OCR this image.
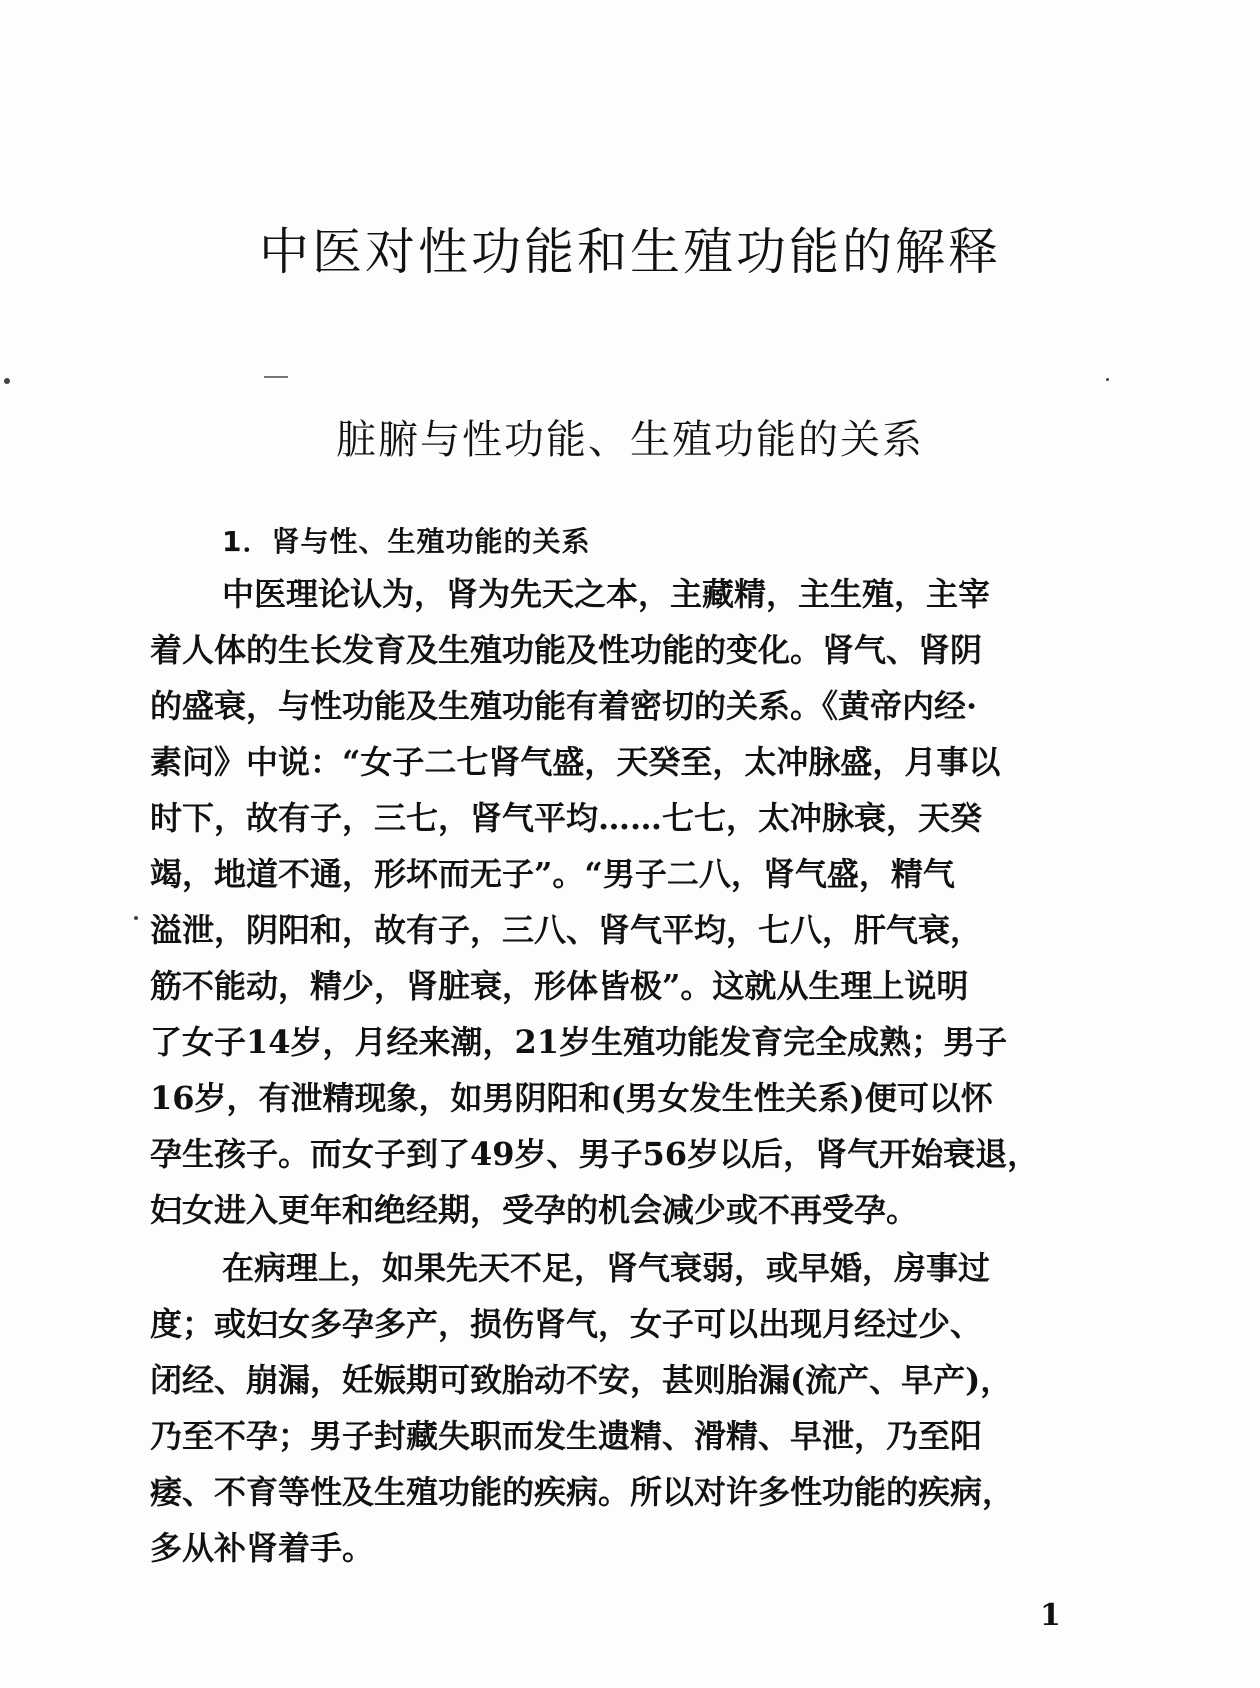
中医对性功能和生殖功能的解释
脏腑与性功能、生殖功能的关系
1．肾与性、生殖功能的关系
中医理论认为，肾为先天之本，主藏精，主生殖，主宰
着人体的生长发育及生殖功能及性功能的变化。肾气、肾阴
的盛衰，与性功能及生殖功能有着密切的关系。《黄帝内经·
素问》中说：“女子二七肾气盛，天癸至，太冲脉盛，月事以
时下，故有子，三七，肾气平均……七七，太冲脉衰，天癸
竭，地道不通，形坏而无子”。“男子二八，肾气盛，精气
溢泄，阴阳和，故有子，三八、肾气平均，七八，肝气衰，
筋不能动，精少，肾脏衰，形体皆极”。这就从生理上说明
了女子14岁，月经来潮，21岁生殖功能发育完全成熟；男子
16岁，有泄精现象，如男阴阳和(男女发生性关系)便可以怀
孕生孩子。而女子到了49岁、男子56岁以后，肾气开始衰退，
妇女进入更年和绝经期，受孕的机会减少或不再受孕。
在病理上，如果先天不足，肾气衰弱，或早婚，房事过
度；或妇女多孕多产，损伤肾气，女子可以出现月经过少、
闭经、崩漏，妊娠期可致胎动不安，甚则胎漏(流产、早产)，
乃至不孕；男子封藏失职而发生遗精、滑精、早泄，乃至阳
痿、不育等性及生殖功能的疾病。所以对许多性功能的疾病，
多从补肾着手。

1
